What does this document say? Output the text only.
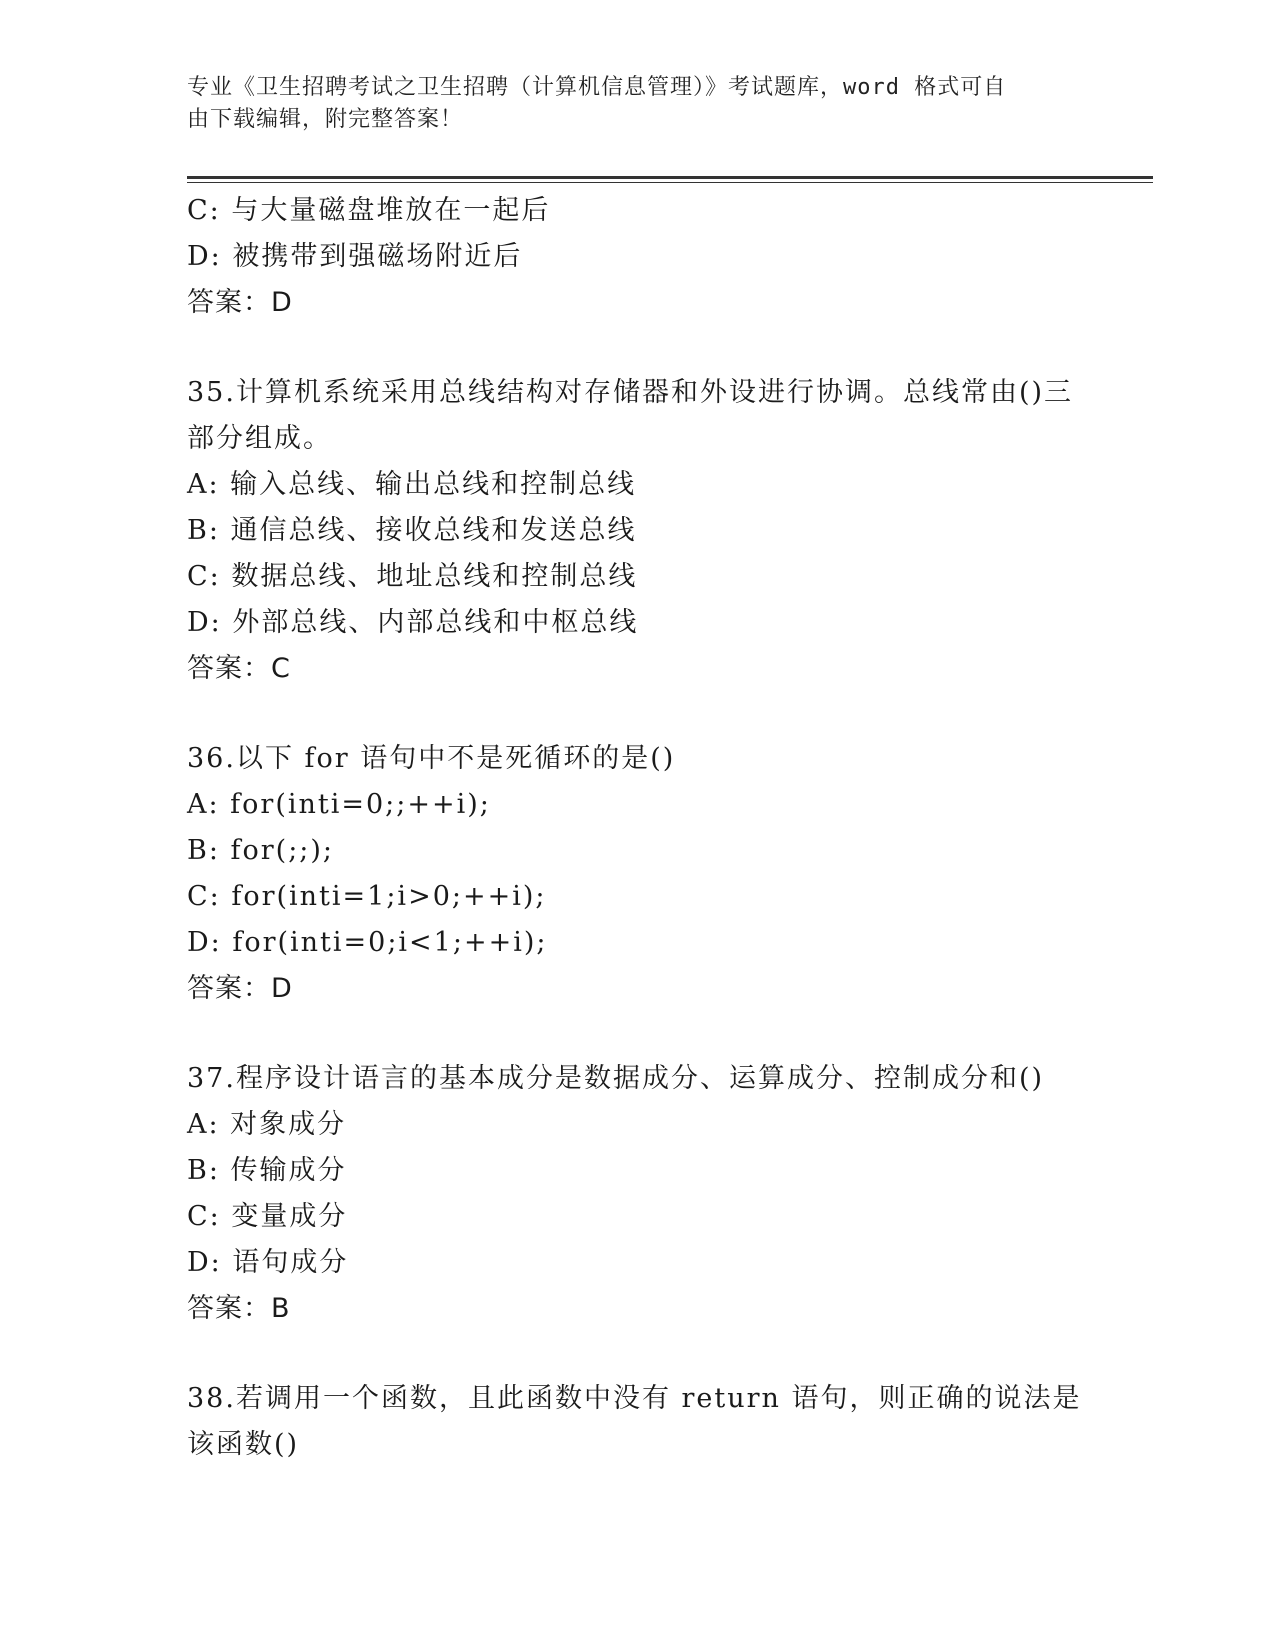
专业《卫生招聘考试之卫生招聘（计算机信息管理）》考试题库，word 格式可自
由下载编辑，附完整答案！
C: 与大量磁盘堆放在一起后
D: 被携带到强磁场附近后
答案：D
35.计算机系统采用总线结构对存储器和外设进行协调。总线常由()三
部分组成。
A: 输入总线、输出总线和控制总线
B: 通信总线、接收总线和发送总线
C: 数据总线、地址总线和控制总线
D: 外部总线、内部总线和中枢总线
答案：C
36.以下 for 语句中不是死循环的是()
A: for(inti=0;;++i);
B: for(;;);
C: for(inti=1;i>0;++i);
D: for(inti=0;i<1;++i);
答案：D
37.程序设计语言的基本成分是数据成分、运算成分、控制成分和()
A: 对象成分
B: 传输成分
C: 变量成分
D: 语句成分
答案：B
38.若调用一个函数，且此函数中没有 return 语句，则正确的说法是
该函数()
